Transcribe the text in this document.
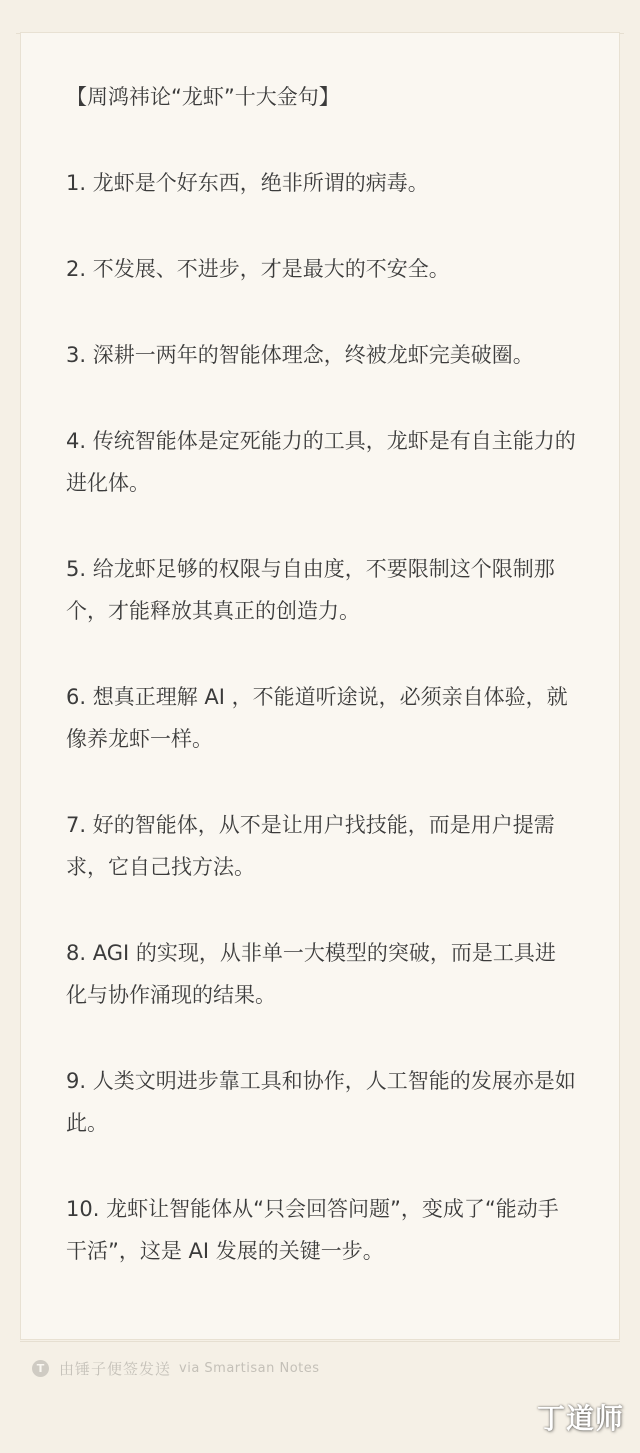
【周鸿祎论“龙虾”十大金句】
1. 龙虾是个好东西，绝非所谓的病毒。
2. 不发展、不进步，才是最大的不安全。
3. 深耕一两年的智能体理念，终被龙虾完美破圈。
4. 传统智能体是定死能力的工具，龙虾是有自主能力的进化体。
5. 给龙虾足够的权限与自由度，不要限制这个限制那个，才能释放其真正的创造力。
6. 想真正理解 AI ，不能道听途说，必须亲自体验，就像养龙虾一样。
7. 好的智能体，从不是让用户找技能，而是用户提需求，它自己找方法。
8. AGI 的实现，从非单一大模型的突破，而是工具进化与协作涌现的结果。
9. 人类文明进步靠工具和协作，人工智能的发展亦是如此。
10. 龙虾让智能体从“只会回答问题”，变成了“能动手干活”，这是 AI 发展的关键一步。
T 由锤子便签发送 via Smartisan Notes
丁道师
